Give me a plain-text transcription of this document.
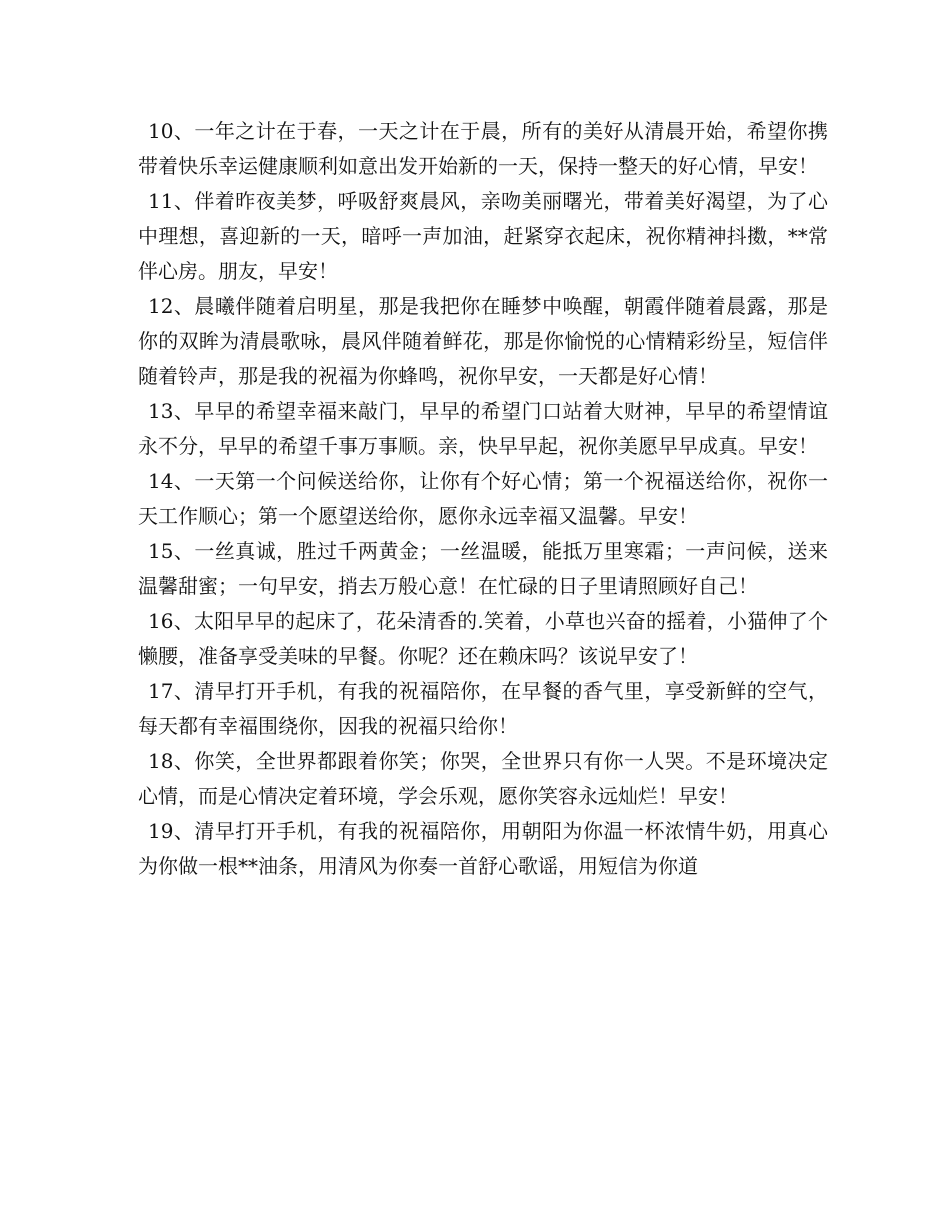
10、一年之计在于春，一天之计在于晨，所有的美好从清晨开始，希望你携带着快乐幸运健康顺利如意出发开始新的一天，保持一整天的好心情，早安！

11、伴着昨夜美梦，呼吸舒爽晨风，亲吻美丽曙光，带着美好渴望，为了心中理想，喜迎新的一天，暗呼一声加油，赶紧穿衣起床，祝你精神抖擞，**常伴心房。朋友，早安！

12、晨曦伴随着启明星，那是我把你在睡梦中唤醒，朝霞伴随着晨露，那是你的双眸为清晨歌咏，晨风伴随着鲜花，那是你愉悦的心情精彩纷呈，短信伴随着铃声，那是我的祝福为你蜂鸣，祝你早安，一天都是好心情！

13、早早的希望幸福来敲门，早早的希望门口站着大财神，早早的希望情谊永不分，早早的希望千事万事顺。亲，快早早起，祝你美愿早早成真。早安！

14、一天第一个问候送给你，让你有个好心情；第一个祝福送给你，祝你一天工作顺心；第一个愿望送给你，愿你永远幸福又温馨。早安！

15、一丝真诚，胜过千两黄金；一丝温暖，能抵万里寒霜；一声问候，送来温馨甜蜜；一句早安，捎去万般心意！在忙碌的日子里请照顾好自己！

16、太阳早早的起床了，花朵清香的.笑着，小草也兴奋的摇着，小猫伸了个懒腰，准备享受美味的早餐。你呢？还在赖床吗？该说早安了！

17、清早打开手机，有我的祝福陪你，在早餐的香气里，享受新鲜的空气，每天都有幸福围绕你，因我的祝福只给你！

18、你笑，全世界都跟着你笑；你哭，全世界只有你一人哭。不是环境决定心情，而是心情决定着环境，学会乐观，愿你笑容永远灿烂！早安！

19、清早打开手机，有我的祝福陪你，用朝阳为你温一杯浓情牛奶，用真心为你做一根**油条，用清风为你奏一首舒心歌谣，用短信为你道
